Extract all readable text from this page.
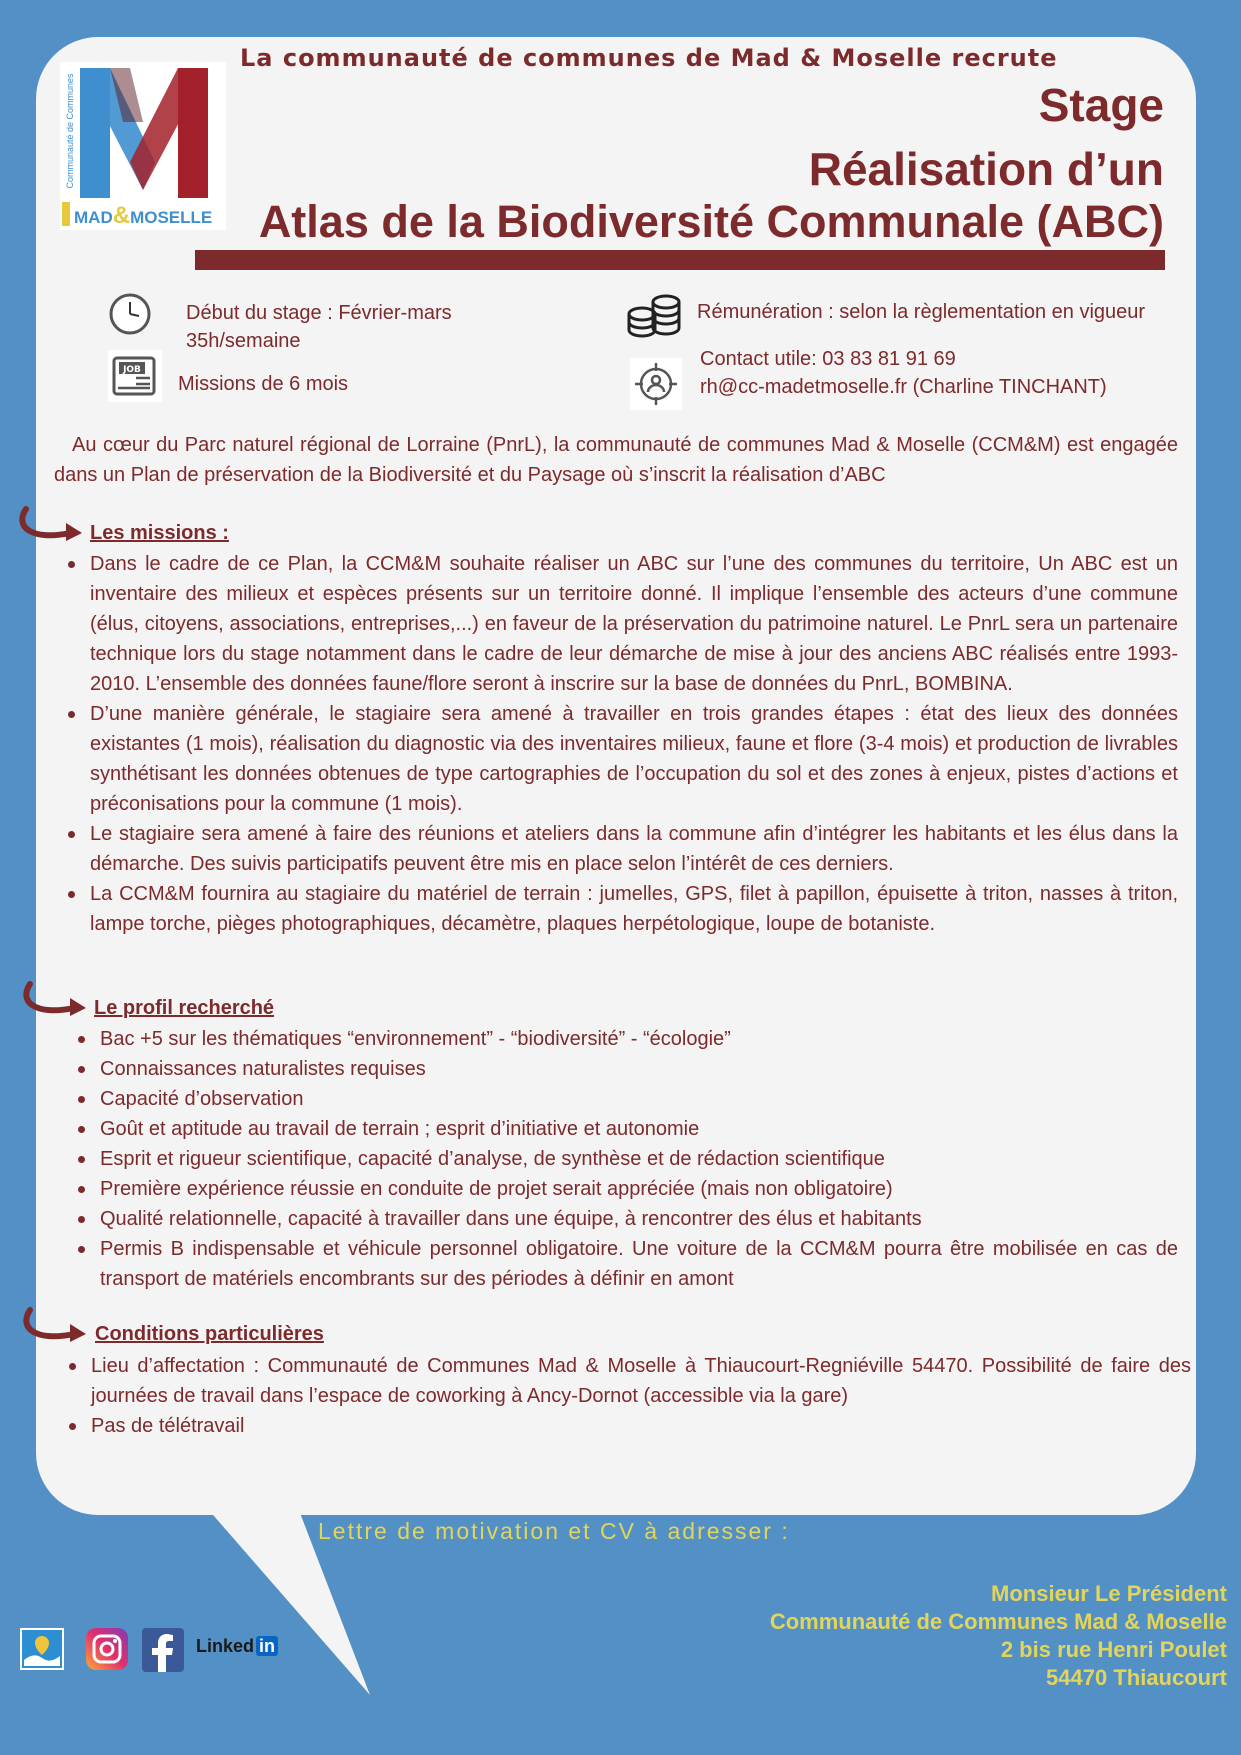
Communauté de Communes
MAD&MOSELLE
La communauté de communes de Mad & Moselle recrute
Stage
Réalisation d’un
Atlas de la Biodiversité Communale (ABC)
Début du stage : Février-mars
35h/semaine
JOB
Missions de 6 mois
Rémunération : selon la règlementation en vigueur
Contact utile: 03 83 81 91 69
rh@cc-madetmoselle.fr (Charline TINCHANT)
Au cœur du Parc naturel régional de Lorraine (PnrL), la communauté de communes Mad & Moselle (CCM&M) est engagée dans un Plan de préservation de la Biodiversité et du Paysage où s’inscrit la réalisation d’ABC
Les missions :
Dans le cadre de ce Plan, la CCM&M souhaite réaliser un ABC sur l’une des communes du territoire, Un ABC est un inventaire des milieux et espèces présents sur un territoire donné. Il implique l’ensemble des acteurs d’une commune (élus, citoyens, associations, entreprises,...) en faveur de la préservation du patrimoine naturel. Le PnrL sera un partenaire technique lors du stage notamment dans le cadre de leur démarche de mise à jour des anciens ABC réalisés entre 1993-2010. L’ensemble des données faune/flore seront à inscrire sur la base de données du PnrL, BOMBINA.
D’une manière générale, le stagiaire sera amené à travailler en trois grandes étapes : état des lieux des données existantes (1 mois), réalisation du diagnostic via des inventaires milieux, faune et flore (3-4 mois) et production de livrables synthétisant les données obtenues de type cartographies de l’occupation du sol et des zones à enjeux, pistes d’actions et préconisations pour la commune (1 mois).
Le stagiaire sera amené à faire des réunions et ateliers dans la commune afin d’intégrer les habitants et les élus dans la démarche. Des suivis participatifs peuvent être mis en place selon l’intérêt de ces derniers.
La CCM&M fournira au stagiaire du matériel de terrain : jumelles, GPS, filet à papillon, épuisette à triton, nasses à triton, lampe torche, pièges photographiques, décamètre, plaques herpétologique, loupe de botaniste.
Le profil recherché
Bac +5 sur les thématiques “environnement” - “biodiversité” - “écologie”
Connaissances naturalistes requises
Capacité d’observation
Goût et aptitude au travail de terrain ; esprit d’initiative et autonomie
Esprit et rigueur scientifique, capacité d’analyse, de synthèse et de rédaction scientifique
Première expérience réussie en conduite de projet serait appréciée (mais non obligatoire)
Qualité relationnelle, capacité à travailler dans une équipe, à rencontrer des élus et habitants
Permis B indispensable et véhicule personnel obligatoire. Une voiture de la CCM&M pourra être mobilisée en cas de transport de matériels encombrants sur des périodes à définir en amont
Conditions particulières
Lieu d’affectation : Communauté de Communes Mad & Moselle à Thiaucourt-Regniéville 54470. Possibilité de faire des journées de travail dans l’espace de coworking à Ancy-Dornot (accessible via la gare)
Pas de télétravail
Lettre de motivation et CV à adresser :
Monsieur Le Président
Communauté de Communes Mad & Moselle
2 bis rue Henri Poulet
54470 Thiaucourt
Linked in
